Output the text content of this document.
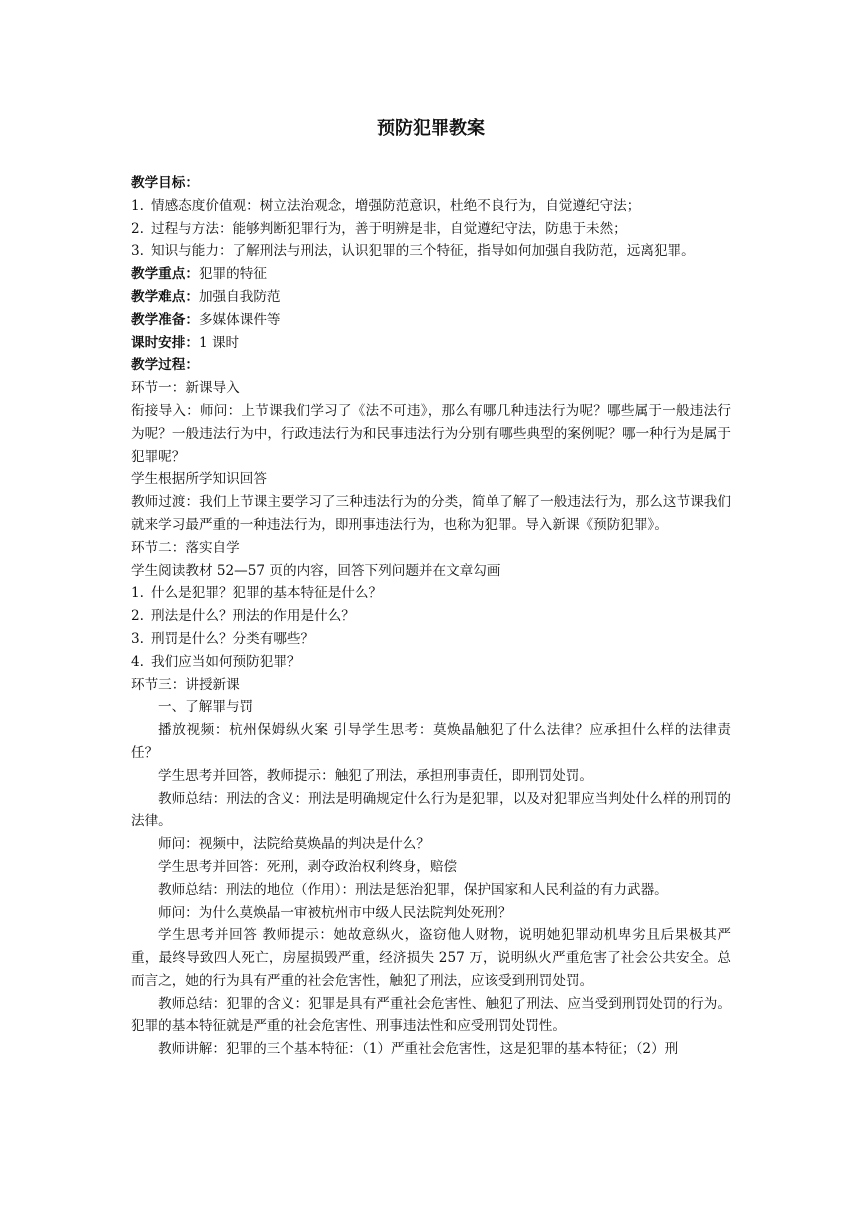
预防犯罪教案
教学目标：
1. 情感态度价值观：树立法治观念，增强防范意识，杜绝不良行为，自觉遵纪守法；
2. 过程与方法：能够判断犯罪行为，善于明辨是非，自觉遵纪守法，防患于未然；
3. 知识与能力：了解刑法与刑法，认识犯罪的三个特征，指导如何加强自我防范，远离犯罪。
教学重点：犯罪的特征
教学难点：加强自我防范
教学准备：多媒体课件等
课时安排：1 课时
教学过程：
环节一：新课导入
衔接导入：师问：上节课我们学习了《法不可违》，那么有哪几种违法行为呢？哪些属于一般违法行为呢？一般违法行为中，行政违法行为和民事违法行为分别有哪些典型的案例呢？哪一种行为是属于犯罪呢？
学生根据所学知识回答
教师过渡：我们上节课主要学习了三种违法行为的分类，简单了解了一般违法行为，那么这节课我们就来学习最严重的一种违法行为，即刑事违法行为，也称为犯罪。导入新课《预防犯罪》。
环节二：落实自学
学生阅读教材 52—57 页的内容，回答下列问题并在文章勾画
1. 什么是犯罪？犯罪的基本特征是什么？
2. 刑法是什么？刑法的作用是什么？
3. 刑罚是什么？分类有哪些？
4. 我们应当如何预防犯罪？
环节三：讲授新课
一、了解罪与罚
播放视频：杭州保姆纵火案 引导学生思考：莫焕晶触犯了什么法律？应承担什么样的法律责任？
学生思考并回答，教师提示：触犯了刑法，承担刑事责任，即刑罚处罚。
教师总结：刑法的含义：刑法是明确规定什么行为是犯罪，以及对犯罪应当判处什么样的刑罚的法律。
师问：视频中，法院给莫焕晶的判决是什么？
学生思考并回答：死刑，剥夺政治权利终身，赔偿
教师总结：刑法的地位（作用）：刑法是惩治犯罪，保护国家和人民利益的有力武器。
师问：为什么莫焕晶一审被杭州市中级人民法院判处死刑？
学生思考并回答 教师提示：她故意纵火，盗窃他人财物，说明她犯罪动机卑劣且后果极其严重，最终导致四人死亡，房屋损毁严重，经济损失 257 万，说明纵火严重危害了社会公共安全。总而言之，她的行为具有严重的社会危害性，触犯了刑法，应该受到刑罚处罚。
教师总结：犯罪的含义：犯罪是具有严重社会危害性、触犯了刑法、应当受到刑罚处罚的行为。犯罪的基本特征就是严重的社会危害性、刑事违法性和应受刑罚处罚性。
教师讲解：犯罪的三个基本特征：（1）严重社会危害性，这是犯罪的基本特征；（2）刑
